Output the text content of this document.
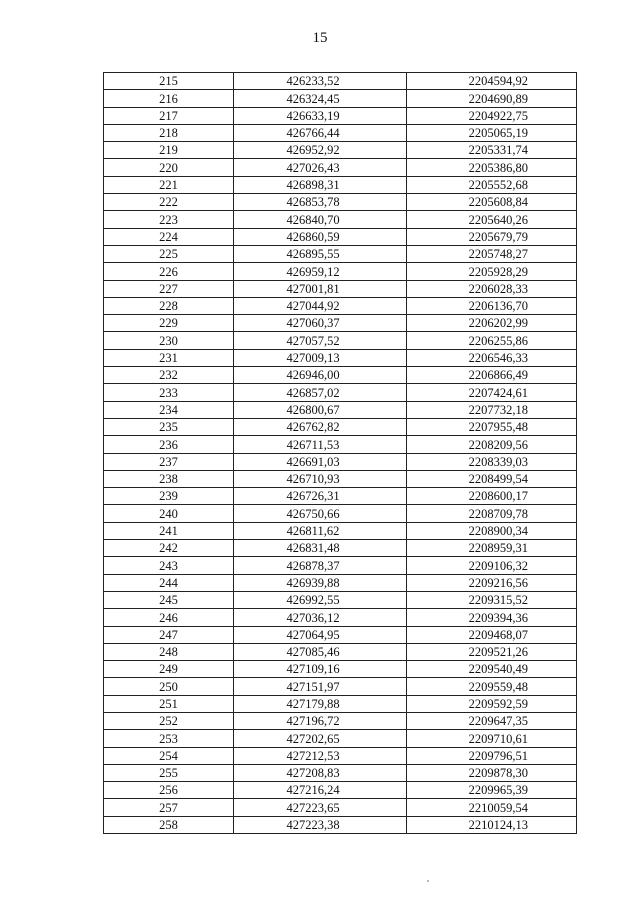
15
215	426233,52	2204594,92
216	426324,45	2204690,89
217	426633,19	2204922,75
218	426766,44	2205065,19
219	426952,92	2205331,74
220	427026,43	2205386,80
221	426898,31	2205552,68
222	426853,78	2205608,84
223	426840,70	2205640,26
224	426860,59	2205679,79
225	426895,55	2205748,27
226	426959,12	2205928,29
227	427001,81	2206028,33
228	427044,92	2206136,70
229	427060,37	2206202,99
230	427057,52	2206255,86
231	427009,13	2206546,33
232	426946,00	2206866,49
233	426857,02	2207424,61
234	426800,67	2207732,18
235	426762,82	2207955,48
236	426711,53	2208209,56
237	426691,03	2208339,03
238	426710,93	2208499,54
239	426726,31	2208600,17
240	426750,66	2208709,78
241	426811,62	2208900,34
242	426831,48	2208959,31
243	426878,37	2209106,32
244	426939,88	2209216,56
245	426992,55	2209315,52
246	427036,12	2209394,36
247	427064,95	2209468,07
248	427085,46	2209521,26
249	427109,16	2209540,49
250	427151,97	2209559,48
251	427179,88	2209592,59
252	427196,72	2209647,35
253	427202,65	2209710,61
254	427212,53	2209796,51
255	427208,83	2209878,30
256	427216,24	2209965,39
257	427223,65	2210059,54
258	427223,38	2210124,13
